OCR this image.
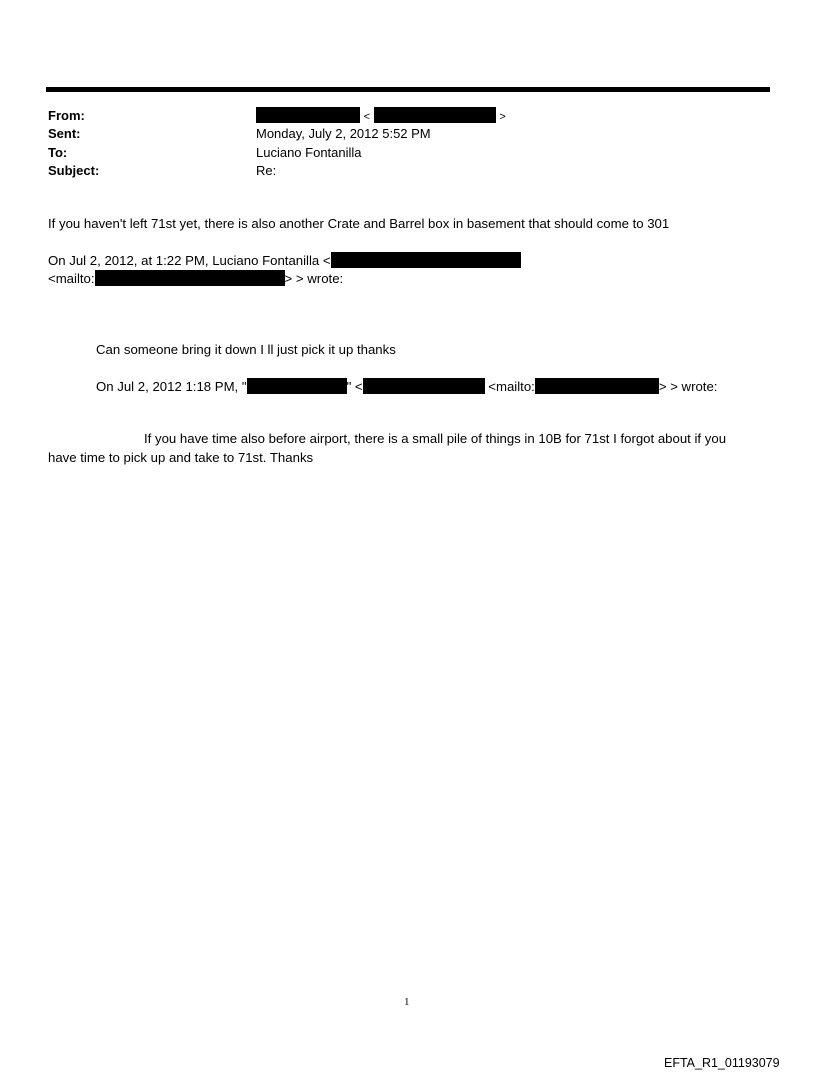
From:	<	>
Sent:	Monday, July 2, 2012 5:52 PM
To:	Luciano Fontanilla
Subject:	Re:
If you haven't left 71st yet, there is also another Crate and Barrel box in basement that should come to 301
On Jul 2, 2012, at 1:22 PM, Luciano Fontanilla <
<mailto:	> > wrote:
Can someone bring it down I ll just pick it up thanks
On Jul 2, 2012 1:18 PM, "	" <	<mailto:	> > wrote:
If you have time also before airport, there is a small pile of things in 10B for 71st I forgot about if you
have time to pick up and take to 71st. Thanks
1
EFTA_R1_01193079
